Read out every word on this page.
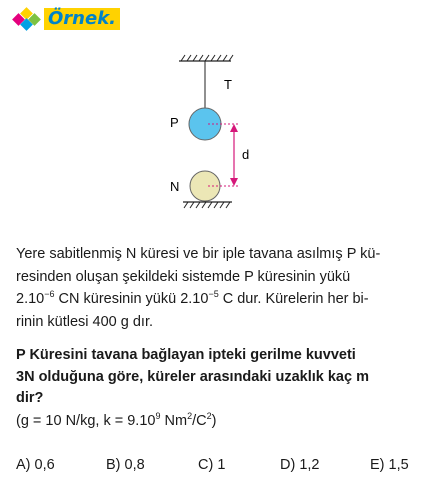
Örnek.
T
P
N
d
Yere sabitlenmiş N küresi ve bir iple tavana asılmış P kü-
resinden oluşan şekildeki sistemde P küresinin yükü
$2.10^{-6}$ CN küresinin yükü $2.10^{-5}$ C dur. Kürelerin her bi-
rinin kütlesi 400 g dır.
P Küresini tavana bağlayan ipteki gerilme kuvveti
3N olduğuna göre, küreler arasındaki uzaklık kaç m
dir?
(g = 10 N/kg, $k = 9.10^9$ $Nm^2/C^2$)
A) 0,6	B) 0,8	C) 1	D) 1,2	E) 1,5
